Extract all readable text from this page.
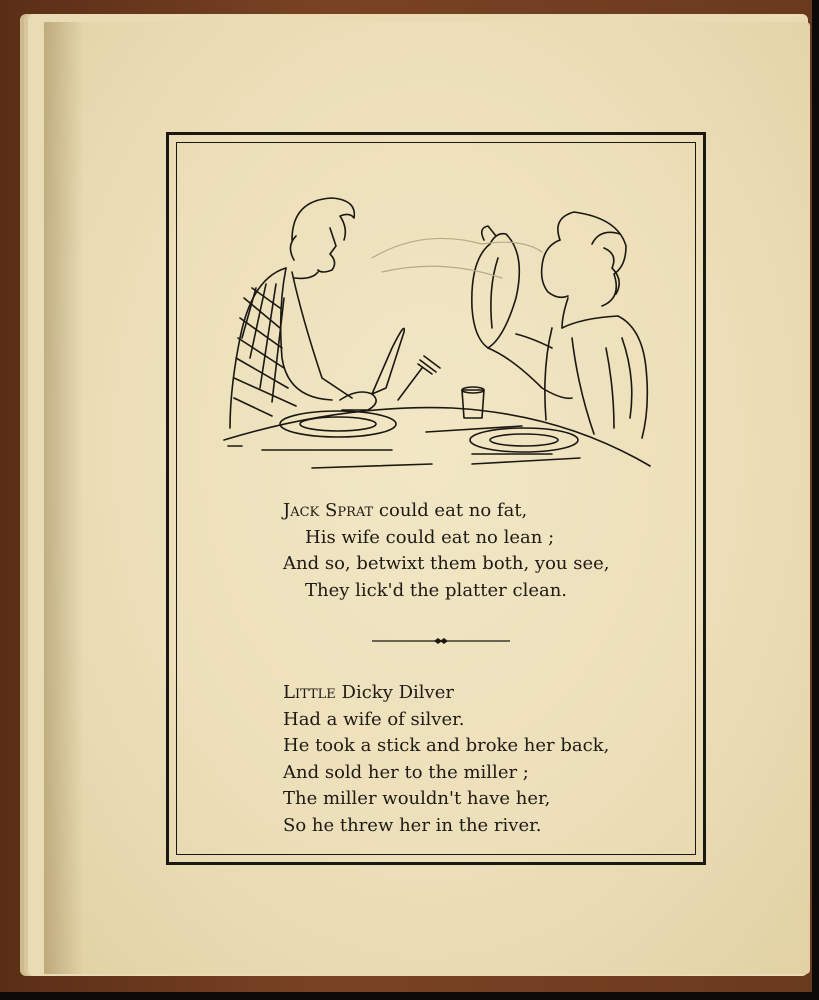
Jack Sprat could eat no fat,
His wife could eat no lean ;
And so, betwixt them both, you see,
They lick'd the platter clean.
Little Dicky Dilver
Had a wife of silver.
He took a stick and broke her back,
And sold her to the miller ;
The miller wouldn't have her,
So he threw her in the river.
